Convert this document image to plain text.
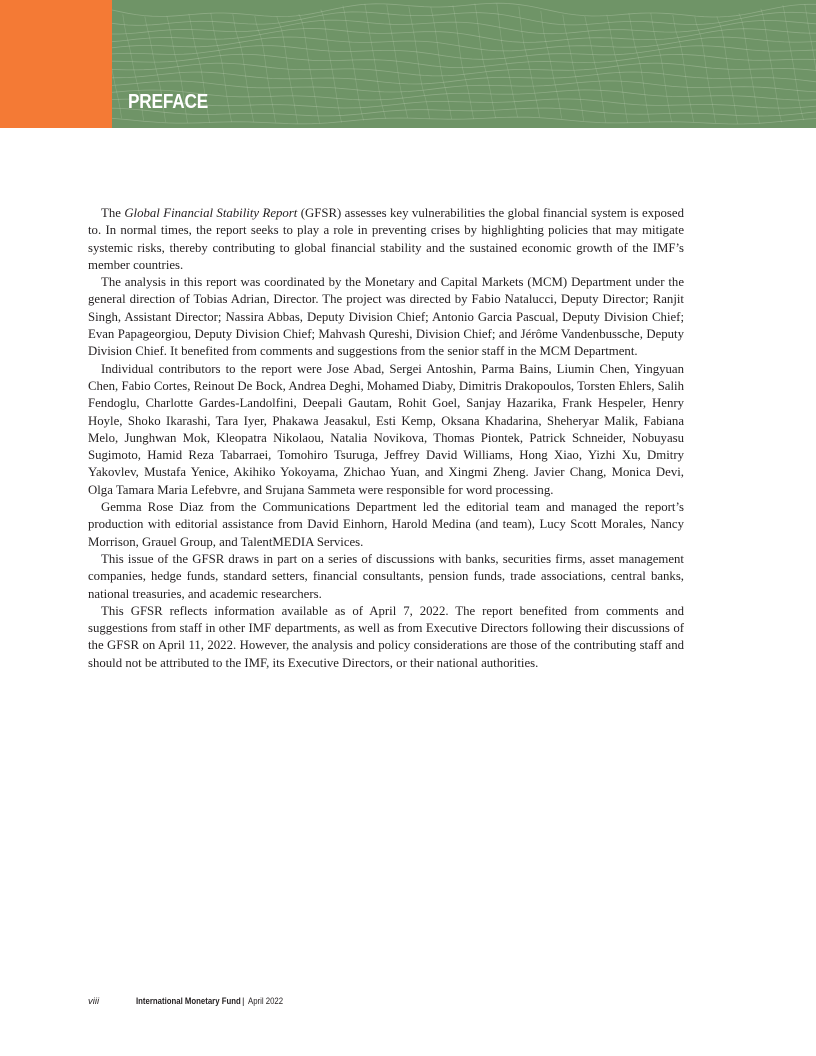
PREFACE

The Global Financial Stability Report (GFSR) assesses key vulnerabilities the global financial system is exposed to. In normal times, the report seeks to play a role in preventing crises by highlighting policies that may mitigate systemic risks, thereby contributing to global financial stability and the sustained economic growth of the IMF’s member countries.

The analysis in this report was coordinated by the Monetary and Capital Markets (MCM) Department under the general direction of Tobias Adrian, Director. The project was directed by Fabio Natalucci, Deputy Director; Ranjit Singh, Assistant Director; Nassira Abbas, Deputy Division Chief; Antonio Garcia Pascual, Deputy Division Chief; Evan Papageorgiou, Deputy Division Chief; Mahvash Qureshi, Division Chief; and Jérôme Vandenbussche, Deputy Division Chief. It benefited from comments and suggestions from the senior staff in the MCM Department.

Individual contributors to the report were Jose Abad, Sergei Antoshin, Parma Bains, Liumin Chen, Yingyuan Chen, Fabio Cortes, Reinout De Bock, Andrea Deghi, Mohamed Diaby, Dimitris Drakopoulos, Torsten Ehlers, Salih Fendoglu, Charlotte Gardes-Landolfini, Deepali Gautam, Rohit Goel, Sanjay Hazarika, Frank Hespeler, Henry Hoyle, Shoko Ikarashi, Tara Iyer, Phakawa Jeasakul, Esti Kemp, Oksana Khadarina, Sheheryar Malik, Fabiana Melo, Junghwan Mok, Kleopatra Nikolaou, Natalia Novikova, Thomas Piontek, Patrick Schneider, Nobuyasu Sugimoto, Hamid Reza Tabarraei, Tomohiro Tsuruga, Jeffrey David Williams, Hong Xiao, Yizhi Xu, Dmitry Yakovlev, Mustafa Yenice, Akihiko Yokoyama, Zhichao Yuan, and Xingmi Zheng. Javier Chang, Monica Devi, Olga Tamara Maria Lefebvre, and Srujana Sammeta were responsible for word processing.

Gemma Rose Diaz from the Communications Department led the editorial team and managed the report’s production with editorial assistance from David Einhorn, Harold Medina (and team), Lucy Scott Morales, Nancy Morrison, Grauel Group, and TalentMEDIA Services.

This issue of the GFSR draws in part on a series of discussions with banks, securities firms, asset management companies, hedge funds, standard setters, financial consultants, pension funds, trade associations, central banks, national treasuries, and academic researchers.

This GFSR reflects information available as of April 7, 2022. The report benefited from comments and suggestions from staff in other IMF departments, as well as from Executive Directors following their discussions of the GFSR on April 11, 2022. However, the analysis and policy considerations are those of the contributing staff and should not be attributed to the IMF, its Executive Directors, or their national authorities.

viii	International Monetary Fund | April 2022
